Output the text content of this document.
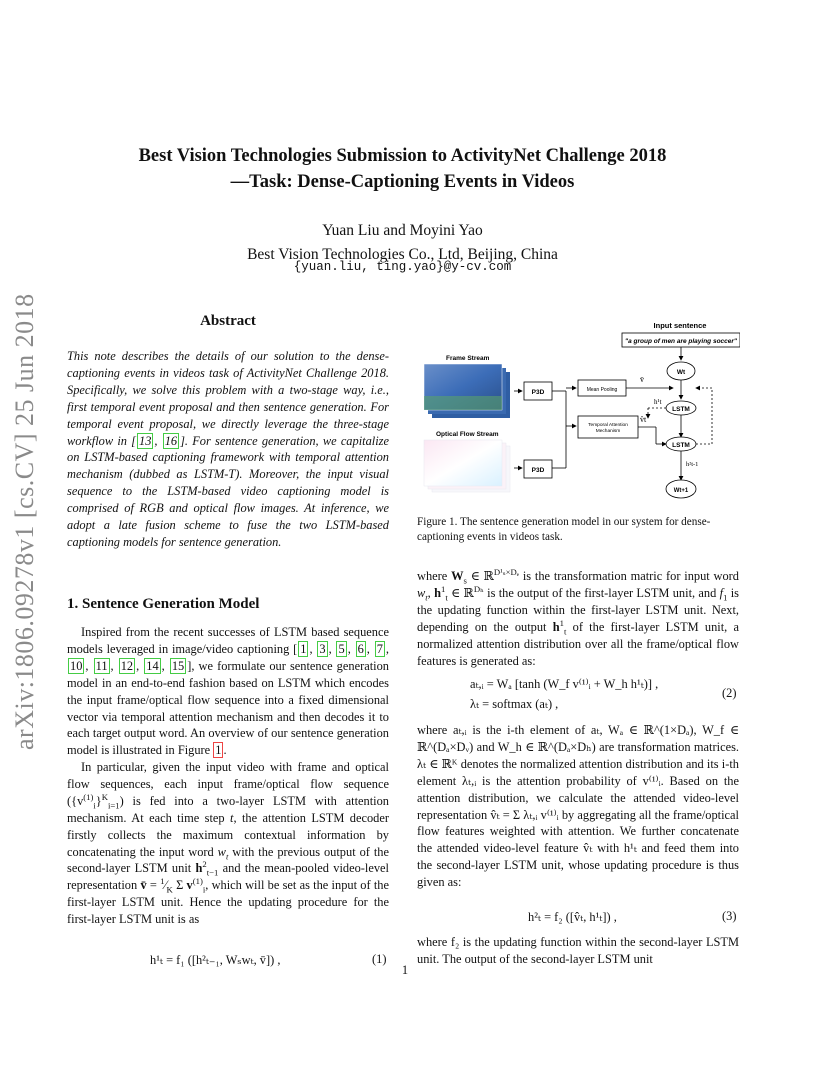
arXiv:1806.09278v1 [cs.CV] 25 Jun 2018
Best Vision Technologies Submission to ActivityNet Challenge 2018
—Task: Dense-Captioning Events in Videos
Yuan Liu and Moyini Yao
Best Vision Technologies Co., Ltd, Beijing, China
{yuan.liu, ting.yao}@y-cv.com
Abstract
This note describes the details of our solution to the dense-captioning events in videos task of ActivityNet Challenge 2018. Specifically, we solve this problem with a two-stage way, i.e., first temporal event proposal and then sentence generation. For temporal event proposal, we directly leverage the three-stage workflow in [ 13 , 16 ]. For sentence generation, we capitalize on LSTM-based captioning framework with temporal attention mechanism (dubbed as LSTM-T). Moreover, the input visual sequence to the LSTM-based video captioning model is comprised of RGB and optical flow images. At inference, we adopt a late fusion scheme to fuse the two LSTM-based captioning models for sentence generation.
1. Sentence Generation Model
Inspired from the recent successes of LSTM based sequence models leveraged in image/video captioning [ 1 , 3 , 5 , 6 , 7 , 10 , 11 , 12 , 14 , 15 ], we formulate our sentence generation model in an end-to-end fashion based on LSTM which encodes the input frame/optical flow sequence into a fixed dimensional vector via temporal attention mechanism and then decodes it to each target output word. An overview of our sentence generation model is illustrated in Figure 1 .
In particular, given the input video with frame and optical flow sequences, each input frame/optical flow sequence $(\{v^{(1)}_i\}^K_{i=1})$ is fed into a two-layer LSTM with attention mechanism. At each time step t, the attention LSTM decoder firstly collects the maximum contextual information by concatenating the input word $w_t$ with the previous output of the second-layer LSTM unit $h^2_{t-1}$ and the mean-pooled video-level representation v̄ = $^1⁄_K$ Σ $v^{(1)}_i$, which will be set as the input of the first-layer LSTM unit. Hence the updating procedure for the first-layer LSTM unit is as
h¹ₜ = f₁ ([h²ₜ₋₁, Wₛwₜ, v̄]) ,	(1)
Input sentence
"a group of men are playing soccer"
Frame Stream
Optical Flow Stream
P3D
P3D
Mean Pooling
v̄
Temporal Attention Mechanism
v̂t
h¹t
Wt
LSTM
LSTM
h²t-1
Wt+1
Figure 1. The sentence generation model in our system for dense-captioning events in videos task.
where $W_s$ ∈ ℝ$^{D^1_s\times D_e}$ is the transformation matric for input word $w_t$, $h^1_t$ ∈ ℝ$^{D_h}$ is the output of the first-layer LSTM unit, and $f_1$ is the updating function within the first-layer LSTM unit. Next, depending on the output $h^1_t$ of the first-layer LSTM unit, a normalized attention distribution over all the frame/optical flow features is generated as:
aₜ,ᵢ = Wₐ [tanh (W_f v⁽¹⁾ᵢ + W_h h¹ₜ)] ,
λₜ = softmax (aₜ) ,
(2)
where aₜ,ᵢ is the i-th element of aₜ, Wₐ ∈ ℝ^(1×Dₐ), W_f ∈ ℝ^(Dₐ×Dᵥ) and W_h ∈ ℝ^(Dₐ×Dₕ) are transformation matrices. λₜ ∈ ℝᴷ denotes the normalized attention distribution and its i-th element λₜ,ᵢ is the attention probability of v⁽¹⁾ᵢ. Based on the attention distribution, we calculate the attended video-level representation v̂ₜ = Σ λₜ,ᵢ v⁽¹⁾ᵢ by aggregating all the frame/optical flow features weighted with attention. We further concatenate the attended video-level feature v̂ₜ with h¹ₜ and feed them into the second-layer LSTM unit, whose updating procedure is thus given as:
h²ₜ = f₂ ([v̂ₜ, h¹ₜ]) ,	(3)
where f₂ is the updating function within the second-layer LSTM unit. The output of the second-layer LSTM unit
1
